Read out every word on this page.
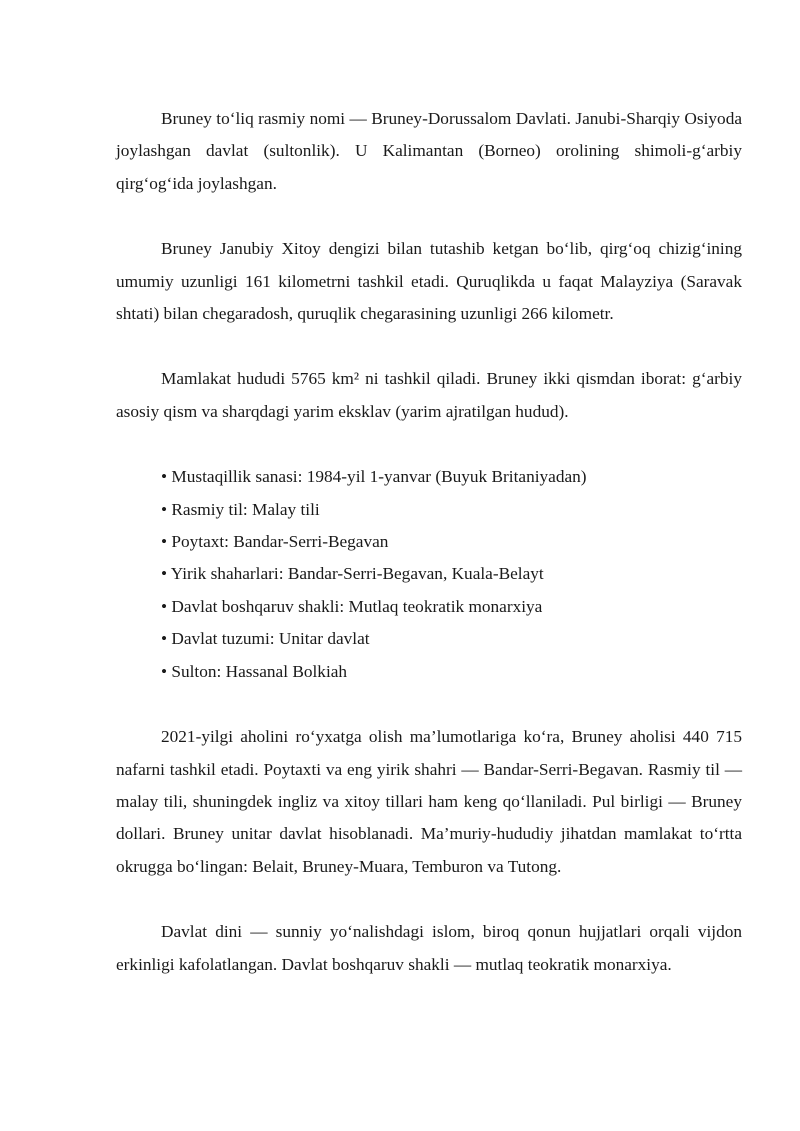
Bruney to‘liq rasmiy nomi — Bruney-Dorussalom Davlati. Janubi-Sharqiy Osiyoda joylashgan davlat (sultonlik). U Kalimantan (Borneo) orolining shimoli-g‘arbiy qirg‘og‘ida joylashgan.

Bruney Janubiy Xitoy dengizi bilan tutashib ketgan bo‘lib, qirg‘oq chizig‘ining umumiy uzunligi 161 kilometrni tashkil etadi. Quruqlikda u faqat Malayziya (Saravak shtati) bilan chegaradosh, quruqlik chegarasining uzunligi 266 kilometr.

Mamlakat hududi 5765 km² ni tashkil qiladi. Bruney ikki qismdan iborat: g‘arbiy asosiy qism va sharqdagi yarim eksklav (yarim ajratilgan hudud).

• Mustaqillik sanasi: 1984-yil 1-yanvar (Buyuk Britaniyadan)
• Rasmiy til: Malay tili
• Poytaxt: Bandar-Serri-Begavan
• Yirik shaharlari: Bandar-Serri-Begavan, Kuala-Belayt
• Davlat boshqaruv shakli: Mutlaq teokratik monarxiya
• Davlat tuzumi: Unitar davlat
• Sulton: Hassanal Bolkiah

2021-yilgi aholini ro‘yxatga olish ma’lumotlariga ko‘ra, Bruney aholisi 440 715 nafarni tashkil etadi. Poytaxti va eng yirik shahri — Bandar-Serri-Begavan. Rasmiy til — malay tili, shuningdek ingliz va xitoy tillari ham keng qo‘llaniladi. Pul birligi — Bruney dollari. Bruney unitar davlat hisoblanadi. Ma’muriy-hududiy jihatdan mamlakat to‘rtta okrugga bo‘lingan: Belait, Bruney-Muara, Temburon va Tutong.

Davlat dini — sunniy yo‘nalishdagi islom, biroq qonun hujjatlari orqali vijdon erkinligi kafolatlangan. Davlat boshqaruv shakli — mutlaq teokratik monarxiya.
